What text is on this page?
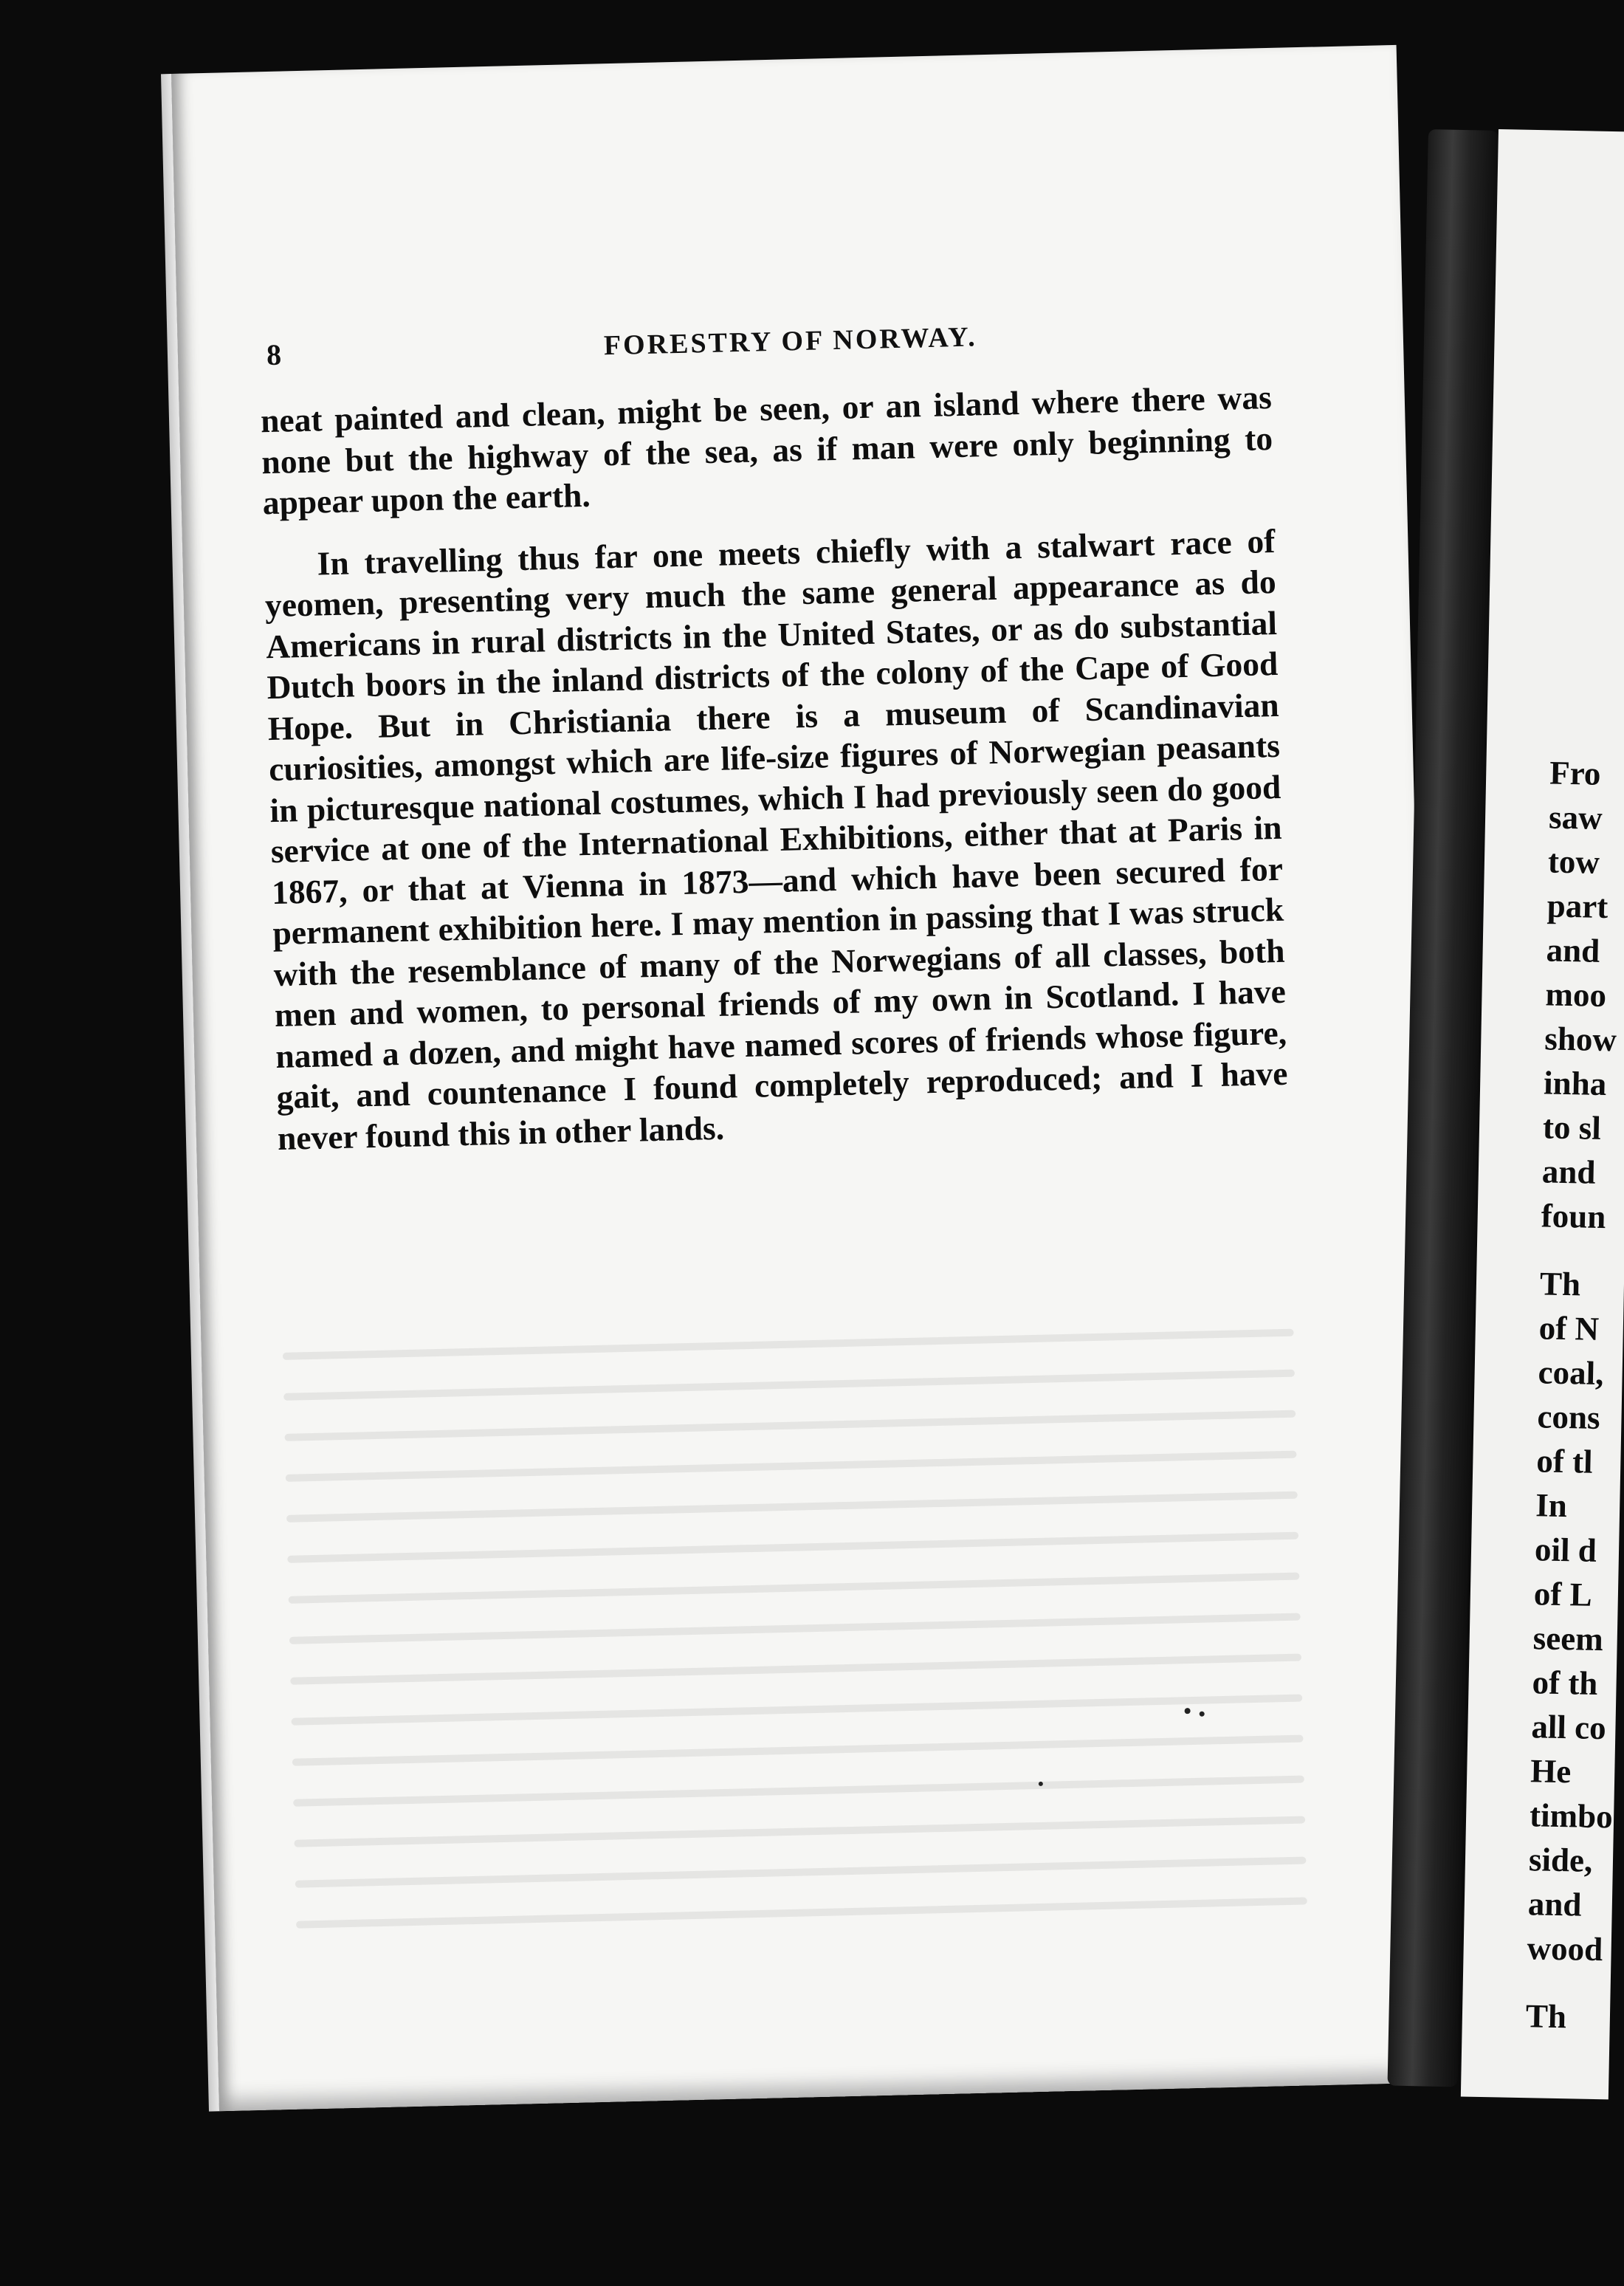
8	FORESTRY OF NORWAY.

neat painted and clean, might be seen, or an island where there was none but the highway of the sea, as if man were only beginning to appear upon the earth.

In travelling thus far one meets chiefly with a stalwart race of yeomen, presenting very much the same general appearance as do Americans in rural districts in the United States, or as do substantial Dutch boors in the inland districts of the colony of the Cape of Good Hope. But in Christiania there is a museum of Scandinavian curiosities, amongst which are life-size figures of Norwegian peasants in picturesque national costumes, which I had previously seen do good service at one of the International Exhibitions, either that at Paris in 1867, or that at Vienna in 1873—and which have been secured for permanent exhibition here. I may mention in passing that I was struck with the resemblance of many of the Norwegians of all classes, both men and women, to personal friends of my own in Scotland. I have named a dozen, and might have named scores of friends whose figure, gait, and countenance I found completely reproduced; and I have never found this in other lands.

Fro
saw
tow
part
and
moo
show
inha
to sl
and
foun
Th
of N
coal,
cons
of tl
In
oil d
of L
seem
of th
all co
He
timbo
side,
and
wood
Th
